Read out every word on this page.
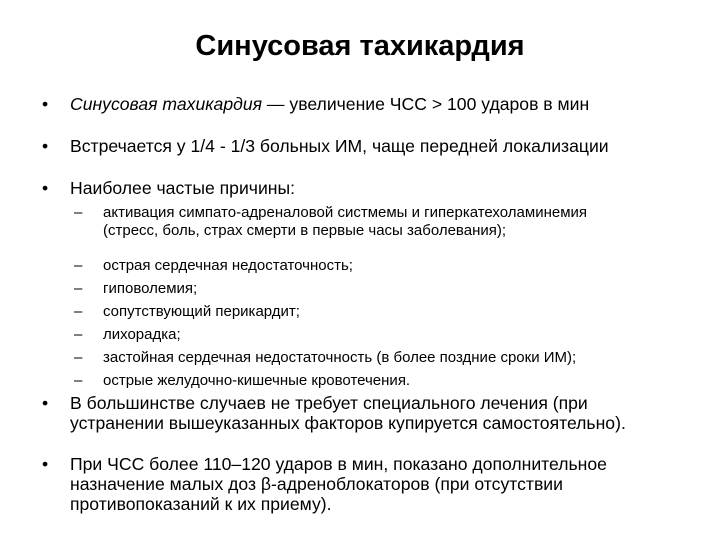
Синусовая тахикардия
• Синусовая тахикардия — увеличение ЧСС > 100 ударов в мин
• Встречается у 1/4 - 1/3 больных ИМ, чаще передней локализации
• Наиболее частые причины:
– активация симпато-адреналовой систмемы и гиперкатехоламинемия (стресс, боль, страх смерти в первые часы заболевания);
– острая сердечная недостаточность;
– гиповолемия;
– сопутствующий перикардит;
– лихорадка;
– застойная сердечная недостаточность (в более поздние сроки ИМ);
– острые желудочно-кишечные кровотечения.
• В большинстве случаев не требует специального лечения (при устранении вышеуказанных факторов купируется самостоятельно).
• При ЧСС более 110–120 ударов в мин, показано дополнительное назначение малых доз β-адреноблокаторов (при отсутствии противопоказаний к их приему).
